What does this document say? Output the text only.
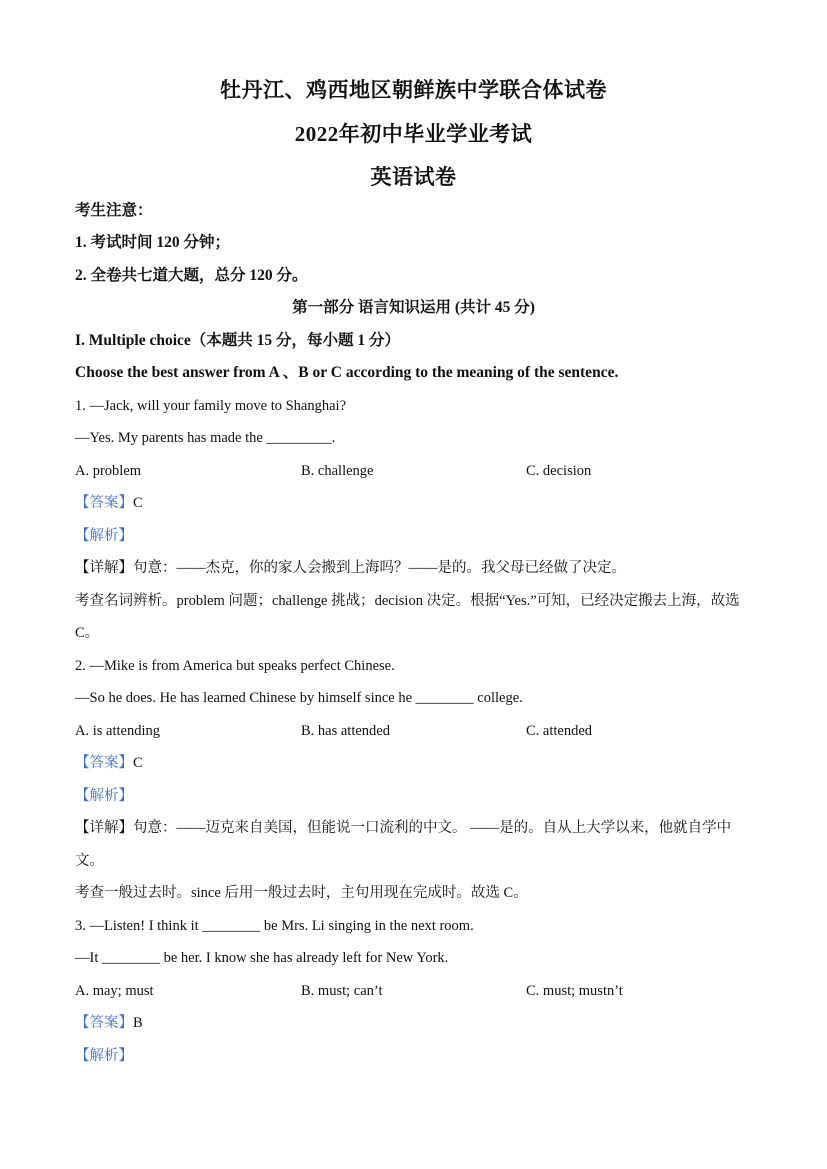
牡丹江、鸡西地区朝鲜族中学联合体试卷
2022年初中毕业学业考试
英语试卷
考生注意：
1. 考试时间 120 分钟；
2. 全卷共七道大题，总分 120 分。
第一部分 语言知识运用 (共计 45 分)
I. Multiple choice（本题共 15 分，每小题 1 分）
Choose the best answer from A 、B or C according to the meaning of the sentence.
1. —Jack, will your family move to Shanghai?
—Yes. My parents has made the _________.
A. problem	B. challenge	C. decision
【答案】C
【解析】
【详解】句意：——杰克，你的家人会搬到上海吗？——是的。我父母已经做了决定。
考查名词辨析。problem 问题；challenge 挑战；decision 决定。根据“Yes.”可知，已经决定搬去上海，故选
C。
2. —Mike is from America but speaks perfect Chinese.
—So he does. He has learned Chinese by himself since he ________ college.
A. is attending	B. has attended	C. attended
【答案】C
【解析】
【详解】句意：——迈克来自美国，但能说一口流利的中文。 ——是的。自从上大学以来，他就自学中
文。
考查一般过去时。since 后用一般过去时，主句用现在完成时。故选 C。
3. —Listen! I think it ________ be Mrs. Li singing in the next room.
—It ________ be her. I know she has already left for New York.
A. may; must	B. must; can’t	C. must; mustn’t
【答案】B
【解析】
